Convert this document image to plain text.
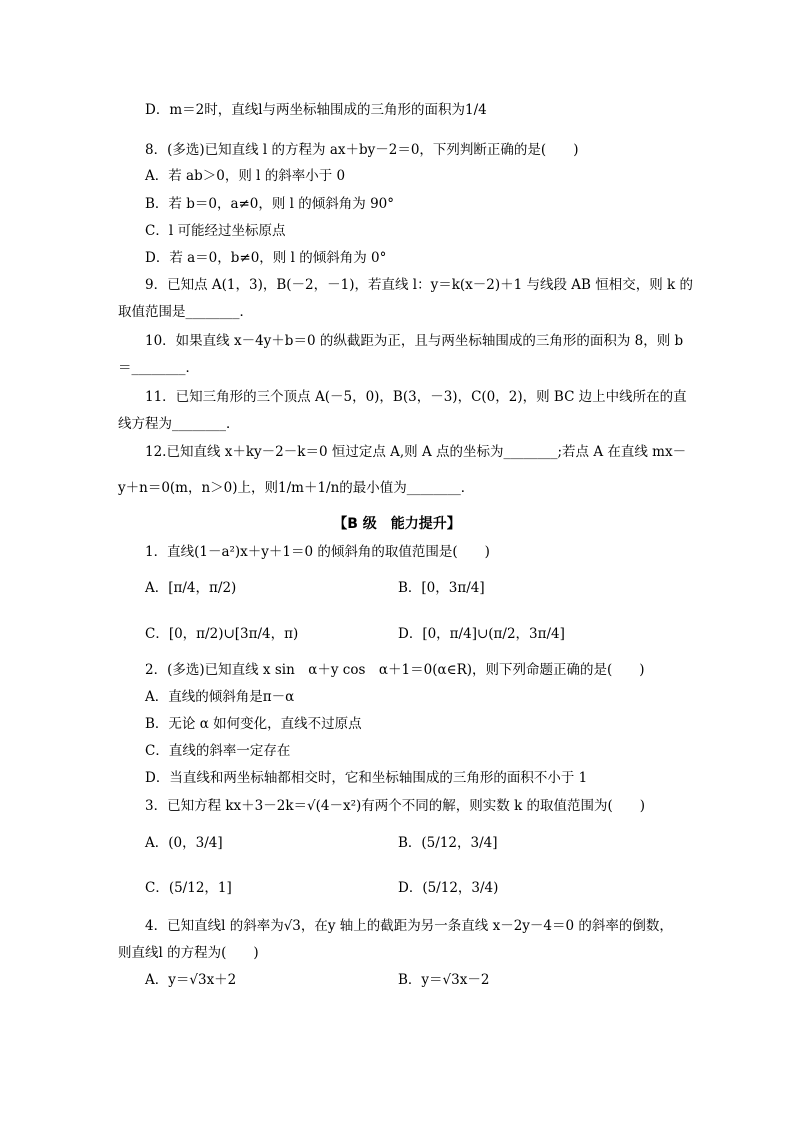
D．m＝2时，直线l与两坐标轴围成的三角形的面积为1/4
8．(多选)已知直线 l 的方程为 ax＋by－2＝0，下列判断正确的是(　　)
A．若 ab＞0，则 l 的斜率小于 0
B．若 b＝0，a≠0，则 l 的倾斜角为 90°
C．l 可能经过坐标原点
D．若 a＝0，b≠0，则 l 的倾斜角为 0°
9．已知点 A(1，3)，B(－2，－1)，若直线 l：y＝k(x－2)＋1 与线段 AB 恒相交，则 k 的
取值范围是________．
10．如果直线 x－4y＋b＝0 的纵截距为正，且与两坐标轴围成的三角形的面积为 8，则 b
＝________．
11．已知三角形的三个顶点 A(－5，0)，B(3，－3)，C(0，2)，则 BC 边上中线所在的直
线方程为________．
12.已知直线 x＋ky－2－k＝0 恒过定点 A,则 A 点的坐标为________;若点 A 在直线 mx－
y＋n＝0(m，n＞0)上，则1/m＋1/n的最小值为________．
【B 级　能力提升】
1．直线(1－a²)x＋y＋1＝0 的倾斜角的取值范围是(　　)
A．[π/4，π/2)	B．[0，3π/4]
C．[0，π/2)∪[3π/4，π)	D．[0，π/4]∪(π/2，3π/4]
2．(多选)已知直线 x sin　α＋y cos　α＋1＝0(α∈R)，则下列命题正确的是(　　)
A．直线的倾斜角是π－α
B．无论 α 如何变化，直线不过原点
C．直线的斜率一定存在
D．当直线和两坐标轴都相交时，它和坐标轴围成的三角形的面积不小于 1
3．已知方程 kx＋3－2k＝√(4－x²)有两个不同的解，则实数 k 的取值范围为(　　)
A．(0，3/4]	B．(5/12，3/4]
C．(5/12，1]	D．(5/12，3/4)
4．已知直线l 的斜率为√3，在y 轴上的截距为另一条直线 x－2y－4＝0 的斜率的倒数，
则直线l 的方程为(　　)
A．y＝√3x＋2	B．y＝√3x－2
